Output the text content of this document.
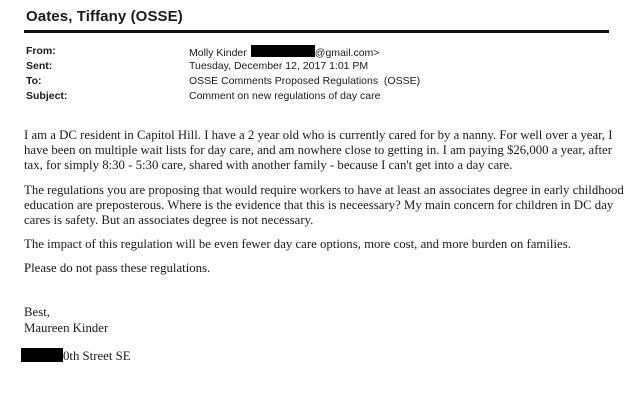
Oates, Tiffany (OSSE)
From:	Molly Kinder	@gmail.com>
Sent:	Tuesday, December 12, 2017 1:01 PM
To:	OSSE Comments Proposed Regulations  (OSSE)
Subject:	Comment on new regulations of day care

I am a DC resident in Capitol Hill. I have a 2 year old who is currently cared for by a nanny. For well over a year, I have been on multiple wait lists for day care, and am nowhere close to getting in. I am paying $26,000 a year, after tax, for simply 8:30 - 5:30 care, shared with another family - because I can't get into a day care.

The regulations you are proposing that would require workers to have at least an associates degree in early childhood education are preposterous. Where is the evidence that this is neceessary? My main concern for children in DC day cares is safety. But an associates degree is not necessary.

The impact of this regulation will be even fewer day care options, more cost, and more burden on families.

Please do not pass these regulations.

Best,
Maureen Kinder
0th Street SE
